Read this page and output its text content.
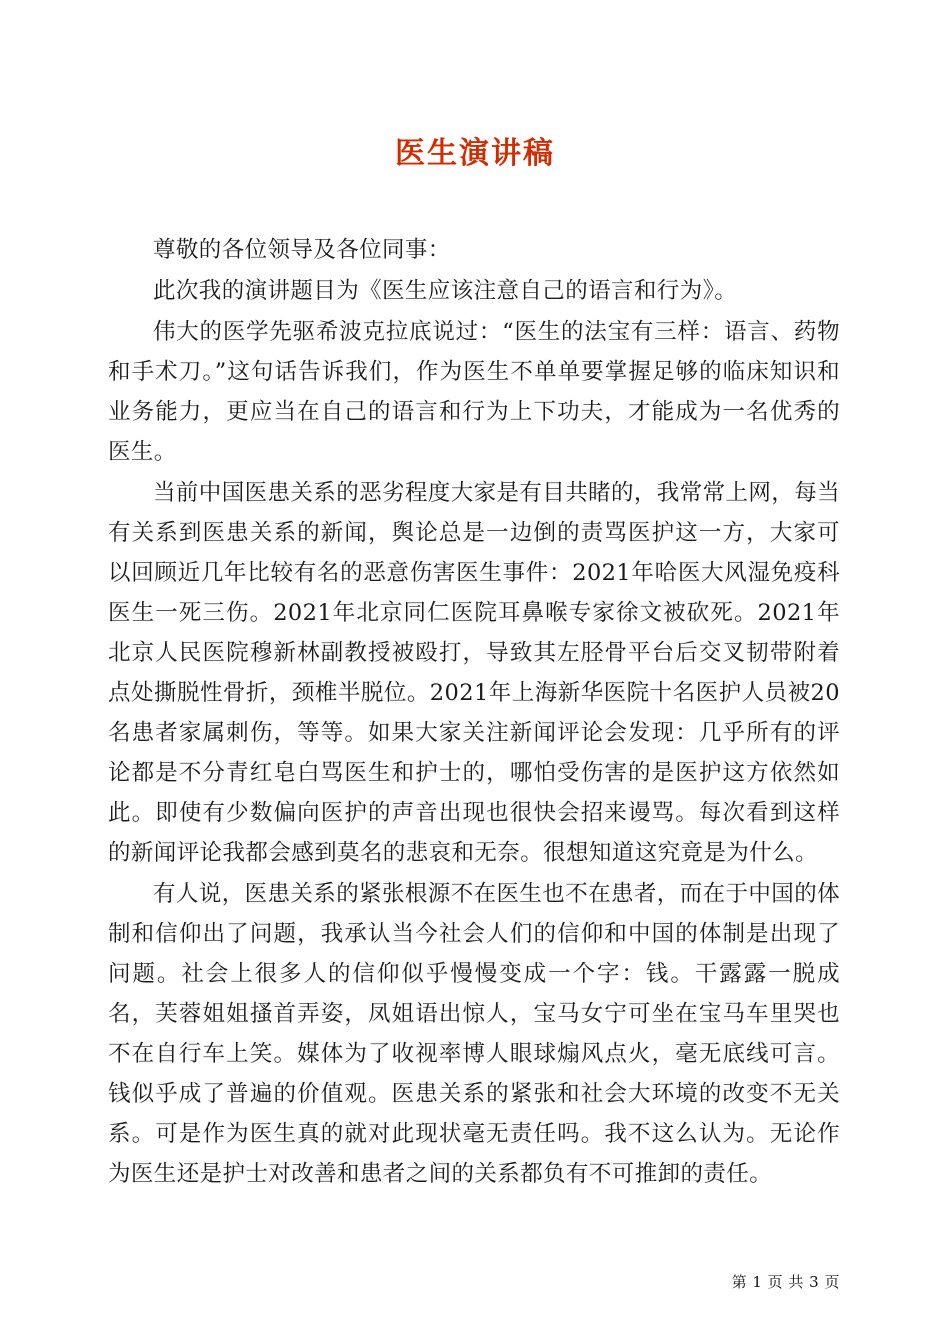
医生演讲稿

尊敬的各位领导及各位同事：

此次我的演讲题目为《医生应该注意自己的语言和行为》。

伟大的医学先驱希波克拉底说过：“医生的法宝有三样：语言、药物和手术刀。”这句话告诉我们，作为医生不单单要掌握足够的临床知识和业务能力，更应当在自己的语言和行为上下功夫，才能成为一名优秀的医生。

当前中国医患关系的恶劣程度大家是有目共睹的，我常常上网，每当有关系到医患关系的新闻，舆论总是一边倒的责骂医护这一方，大家可以回顾近几年比较有名的恶意伤害医生事件：2021年哈医大风湿免疫科医生一死三伤。2021年北京同仁医院耳鼻喉专家徐文被砍死。2021年北京人民医院穆新林副教授被殴打，导致其左胫骨平台后交叉韧带附着点处撕脱性骨折，颈椎半脱位。2021年上海新华医院十名医护人员被20名患者家属刺伤，等等。如果大家关注新闻评论会发现：几乎所有的评论都是不分青红皂白骂医生和护士的，哪怕受伤害的是医护这方依然如此。即使有少数偏向医护的声音出现也很快会招来谩骂。每次看到这样的新闻评论我都会感到莫名的悲哀和无奈。很想知道这究竟是为什么。

有人说，医患关系的紧张根源不在医生也不在患者，而在于中国的体制和信仰出了问题，我承认当今社会人们的信仰和中国的体制是出现了问题。社会上很多人的信仰似乎慢慢变成一个字：钱。干露露一脱成名，芙蓉姐姐搔首弄姿，凤姐语出惊人，宝马女宁可坐在宝马车里哭也不在自行车上笑。媒体为了收视率博人眼球煽风点火，毫无底线可言。钱似乎成了普遍的价值观。医患关系的紧张和社会大环境的改变不无关系。可是作为医生真的就对此现状毫无责任吗。我不这么认为。无论作为医生还是护士对改善和患者之间的关系都负有不可推卸的责任。

第 1 页 共 3 页
